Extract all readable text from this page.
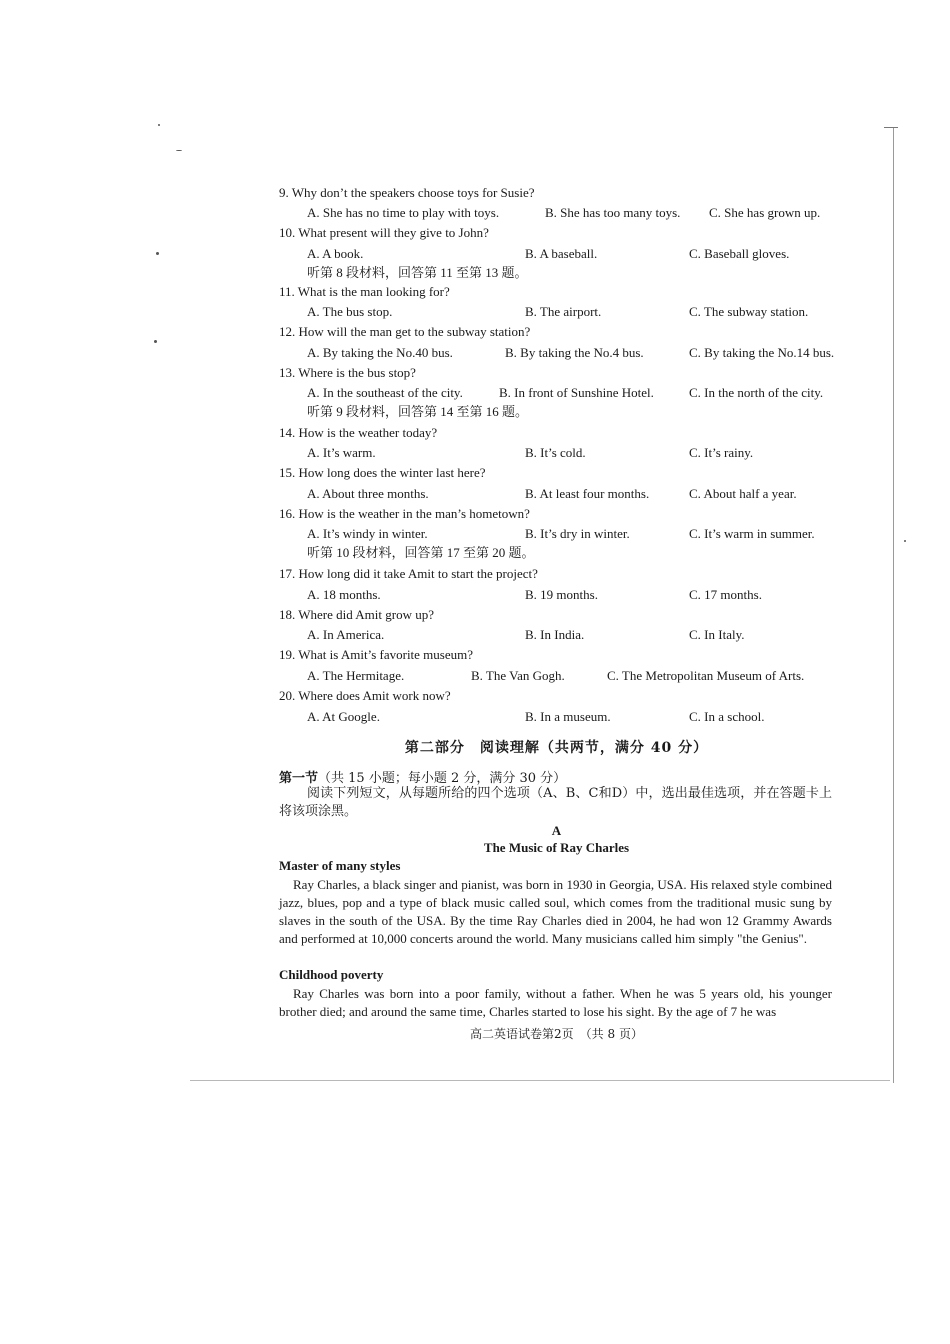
9. Why don’t the speakers choose toys for Susie?
A. She has no time to play with toys.	B. She has too many toys. C. She has grown up.
10. What present will they give to John?
A. A book.	B. A baseball.	C. Baseball gloves.
听第 8 段材料，回答第 11 至第 13 题。
11. What is the man looking for?
A. The bus stop.	B. The airport.	C. The subway station.
12. How will the man get to the subway station?
A. By taking the No.40 bus.	B. By taking the No.4 bus.	C. By taking the No.14 bus.
13. Where is the bus stop?
A. In the southeast of the city.	B. In front of Sunshine Hotel.	C. In the north of the city.
听第 9 段材料，回答第 14 至第 16 题。
14. How is the weather today?
A. It’s warm.	B. It’s cold.	C. It’s rainy.
15. How long does the winter last here?
A. About three months.	B. At least four months.	C. About half a year.
16. How is the weather in the man’s hometown?
A. It’s windy in winter.	B. It’s dry in winter.	C. It’s warm in summer.
听第 10 段材料，回答第 17 至第 20 题。
17. How long did it take Amit to start the project?
A. 18 months.	B. 19 months.	C. 17 months.
18. Where did Amit grow up?
A. In America.	B. In India.	C. In Italy.
19. What is Amit’s favorite museum?
A. The Hermitage.	B. The Van Gogh.	C. The Metropolitan Museum of Arts.
20. Where does Amit work now?
A. At Google.	B. In a museum.	C. In a school.
第二部分　阅读理解（共两节，满分 40 分）
第一节（共 15 小题；每小题 2 分，满分 30 分）
阅读下列短文，从每题所给的四个选项（A、B、C和D）中，选出最佳选项，并在答题卡上将该项涂黑。
A
The Music of Ray Charles
Master of many styles
Ray Charles, a black singer and pianist, was born in 1930 in Georgia, USA. His relaxed style combined jazz, blues, pop and a type of black music called soul, which comes from the traditional music sung by slaves in the south of the USA. By the time Ray Charles died in 2004, he had won 12 Grammy Awards and performed at 10,000 concerts around the world. Many musicians called him simply "the Genius".
Childhood poverty
Ray Charles was born into a poor family, without a father. When he was 5 years old, his younger brother died; and around the same time, Charles started to lose his sight. By the age of 7 he was
高二英语试卷第2页　（共 8 页）
